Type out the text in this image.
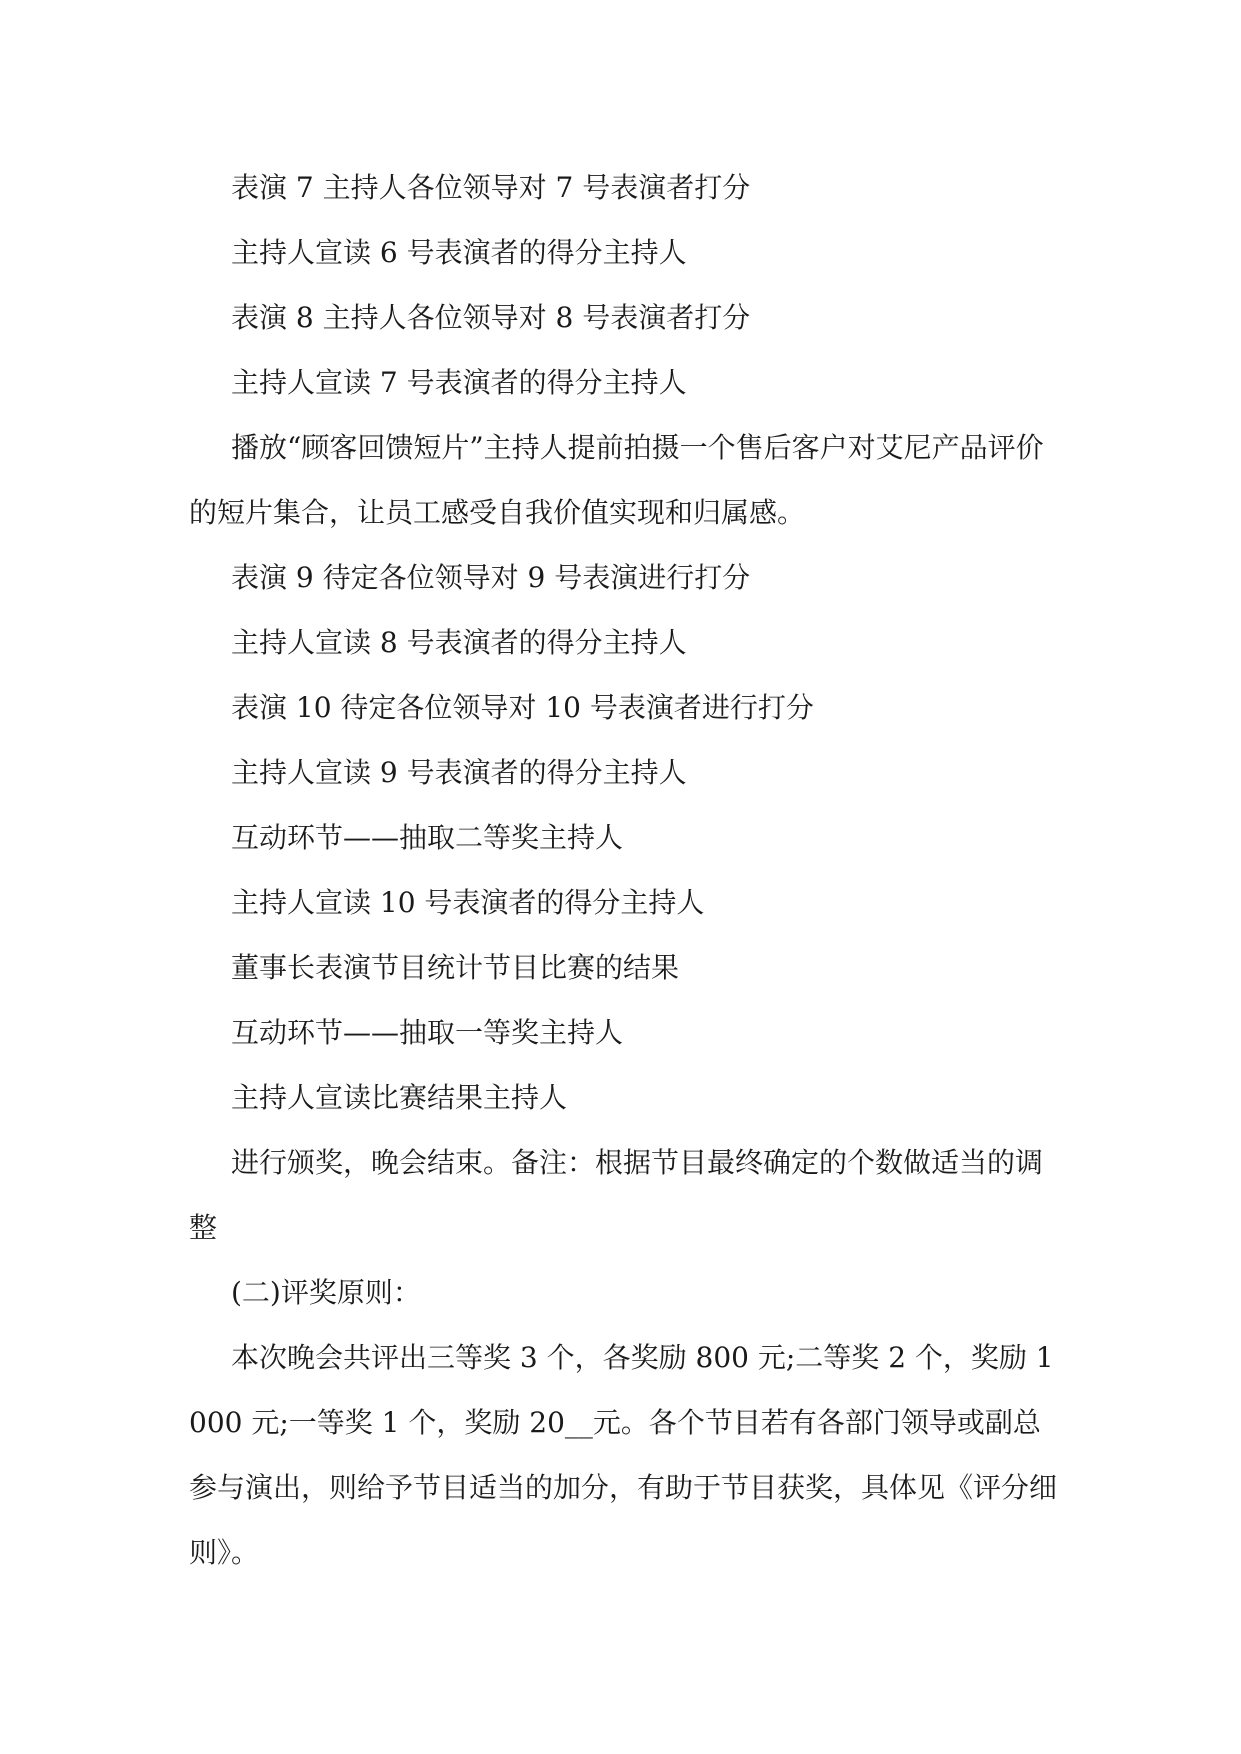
表演 7 主持人各位领导对 7 号表演者打分

主持人宣读 6 号表演者的得分主持人

表演 8 主持人各位领导对 8 号表演者打分

主持人宣读 7 号表演者的得分主持人

播放“顾客回馈短片”主持人提前拍摄一个售后客户对艾尼产品评价的短片集合，让员工感受自我价值实现和归属感。

表演 9 待定各位领导对 9 号表演进行打分

主持人宣读 8 号表演者的得分主持人

表演 10 待定各位领导对 10 号表演者进行打分

主持人宣读 9 号表演者的得分主持人

互动环节——抽取二等奖主持人

主持人宣读 10 号表演者的得分主持人

董事长表演节目统计节目比赛的结果

互动环节——抽取一等奖主持人

主持人宣读比赛结果主持人

进行颁奖，晚会结束。备注：根据节目最终确定的个数做适当的调整

(二)评奖原则：

本次晚会共评出三等奖 3 个，各奖励 800 元;二等奖 2 个，奖励 1000 元;一等奖 1 个，奖励 20__元。各个节目若有各部门领导或副总参与演出，则给予节目适当的加分，有助于节目获奖，具体见《评分细则》。
